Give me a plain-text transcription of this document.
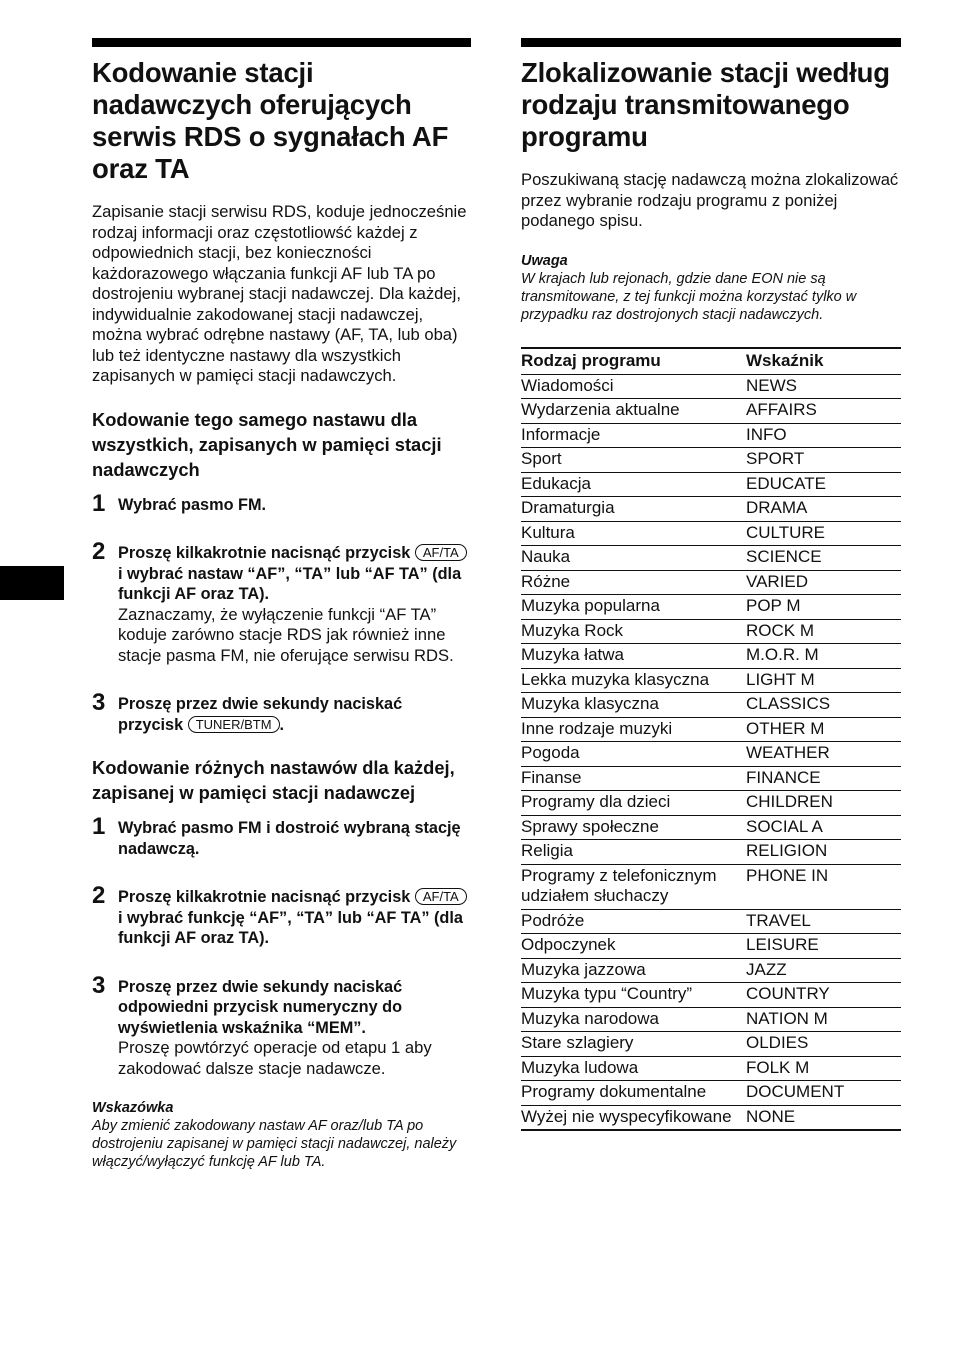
Kodowanie stacji nadawczych oferujących serwis RDS o sygnałach AF oraz TA

Zapisanie stacji serwisu RDS, koduje jednocześnie rodzaj informacji oraz częstotliowść każdej z odpowiednich stacji, bez konieczności każdorazowego włączania funkcji AF lub TA po dostrojeniu wybranej stacji nadawczej. Dla każdej, indywidualnie zakodowanej stacji nadawczej, można wybrać odrębne nastawy (AF, TA, lub oba) lub też identyczne nastawy dla wszystkich zapisanych w pamięci stacji nadawczych.

Kodowanie tego samego nastawu dla wszystkich, zapisanych w pamięci stacji nadawczych
1 Wybrać pasmo FM.
2 Proszę kilkakrotnie nacisnąć przycisk AF/TA i wybrać nastaw “AF”, “TA” lub “AF TA” (dla funkcji AF oraz TA).
Zaznaczamy, że wyłączenie funkcji “AF TA” koduje zarówno stacje RDS jak również inne stacje pasma FM, nie oferujące serwisu RDS.
3 Proszę przez dwie sekundy naciskać przycisk TUNER/BTM .
Kodowanie różnych nastawów dla każdej, zapisanej w pamięci stacji nadawczej
1 Wybrać pasmo FM i dostroić wybraną stację nadawczą.
2 Proszę kilkakrotnie nacisnąć przycisk AF/TA i wybrać funkcję “AF”, “TA” lub “AF TA” (dla funkcji AF oraz TA).
3 Proszę przez dwie sekundy naciskać odpowiedni przycisk numeryczny do wyświetlenia wskaźnika “MEM”.
Proszę powtórzyć operacje od etapu 1 aby zakodować dalsze stacje nadawcze.
Wskazówka
Aby zmienić zakodowany nastaw AF oraz/lub TA po dostrojeniu zapisanej w pamięci stacji nadawczej, należy włączyć/wyłączyć funkcję AF lub TA.
Zlokalizowanie stacji według rodzaju transmitowanego programu

Poszukiwaną stację nadawczą można zlokalizować przez wybranie rodzaju programu z poniżej podanego spisu.

Uwaga
W krajach lub rejonach, gdzie dane EON nie są transmitowane, z tej funkcji można korzystać tylko w przypadku raz dostrojonych stacji nadawczych.
Rodzaj programu	Wskaźnik
Wiadomości	NEWS
Wydarzenia aktualne	AFFAIRS
Informacje	INFO
Sport	SPORT
Edukacja	EDUCATE
Dramaturgia	DRAMA
Kultura	CULTURE
Nauka	SCIENCE
Różne	VARIED
Muzyka popularna	POP M
Muzyka Rock	ROCK M
Muzyka łatwa	M.O.R. M
Lekka muzyka klasyczna	LIGHT M
Muzyka klasyczna	CLASSICS
Inne rodzaje muzyki	OTHER M
Pogoda	WEATHER
Finanse	FINANCE
Programy dla dzieci	CHILDREN
Sprawy społeczne	SOCIAL A
Religia	RELIGION
Programy z telefonicznym udziałem słuchaczy	PHONE IN
Podróże	TRAVEL
Odpoczynek	LEISURE
Muzyka jazzowa	JAZZ
Muzyka typu “Country”	COUNTRY
Muzyka narodowa	NATION M
Stare szlagiery	OLDIES
Muzyka ludowa	FOLK M
Programy dokumentalne	DOCUMENT
Wyżej nie wyspecyfikowane	NONE
